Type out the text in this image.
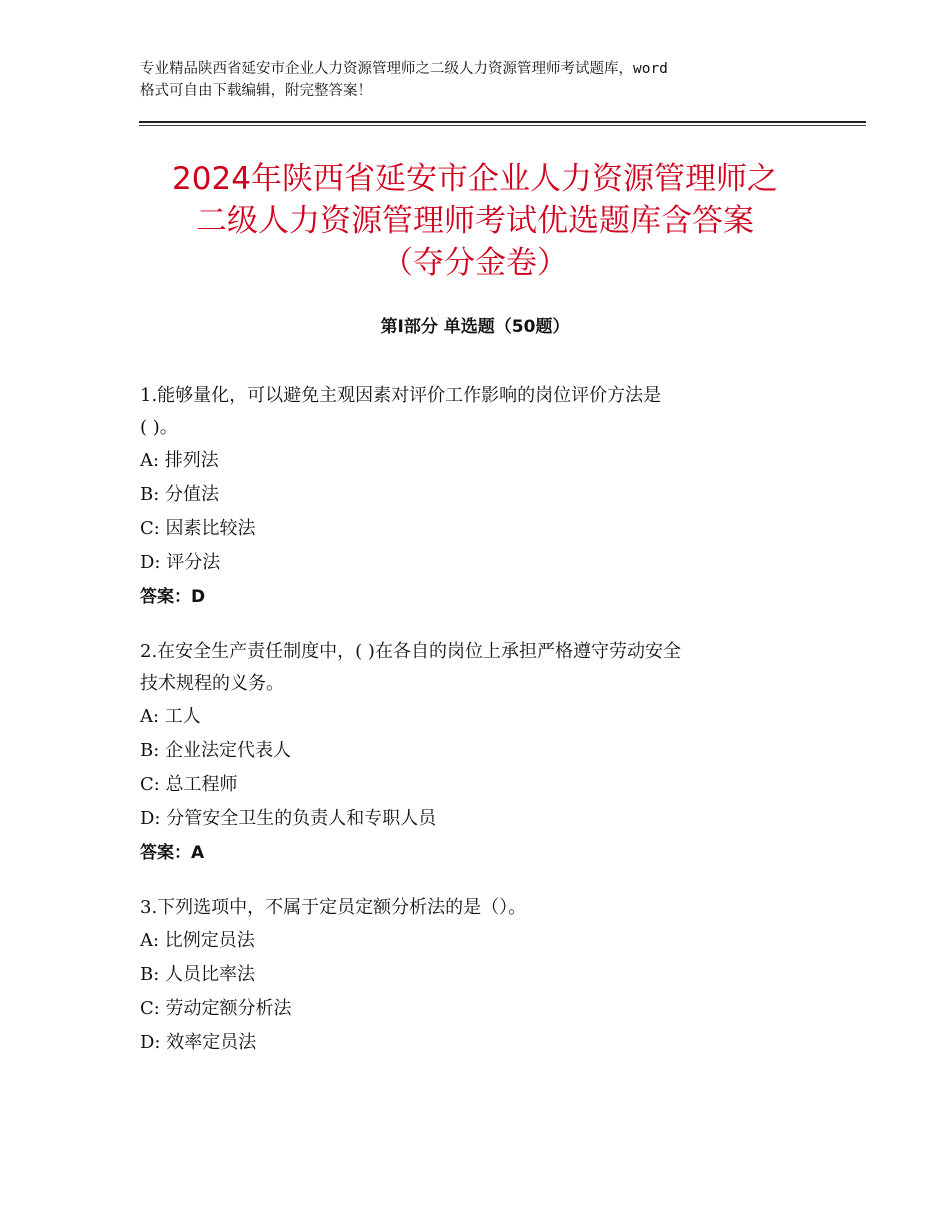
专业精品陕西省延安市企业人力资源管理师之二级人力资源管理师考试题库，word
格式可自由下载编辑，附完整答案！
2024年陕西省延安市企业人力资源管理师之
二级人力资源管理师考试优选题库含答案
（夺分金卷）
第Ⅰ部分 单选题（50题）
1.能够量化，可以避免主观因素对评价工作影响的岗位评价方法是
( )。
A: 排列法
B: 分值法
C: 因素比较法
D: 评分法
答案：D
2.在安全生产责任制度中，( )在各自的岗位上承担严格遵守劳动安全
技术规程的义务。
A: 工人
B: 企业法定代表人
C: 总工程师
D: 分管安全卫生的负责人和专职人员
答案：A
3.下列选项中，不属于定员定额分析法的是（）。
A: 比例定员法
B: 人员比率法
C: 劳动定额分析法
D: 效率定员法
